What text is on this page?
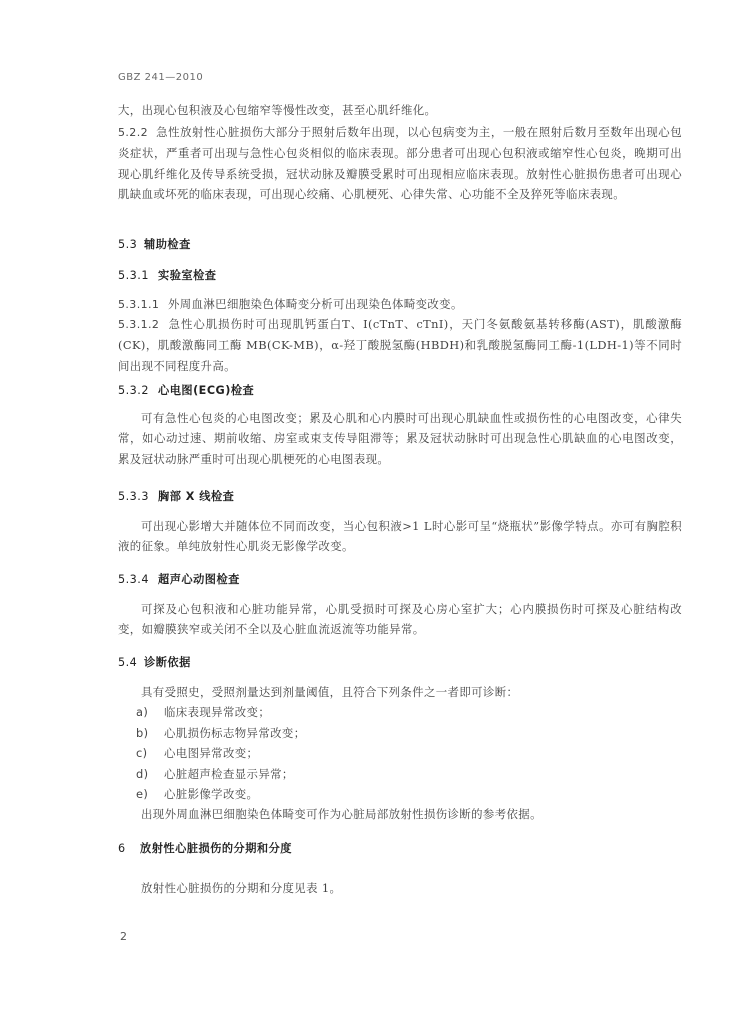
GBZ 241—2010

大，出现心包积液及心包缩窄等慢性改变，甚至心肌纤维化。

5.2.2 急性放射性心脏损伤大部分于照射后数年出现，以心包病变为主，一般在照射后数月至数年出现心包炎症状，严重者可出现与急性心包炎相似的临床表现。部分患者可出现心包积液或缩窄性心包炎，晚期可出现心肌纤维化及传导系统受损，冠状动脉及瓣膜受累时可出现相应临床表现。放射性心脏损伤患者可出现心肌缺血或坏死的临床表现，可出现心绞痛、心肌梗死、心律失常、心功能不全及猝死等临床表现。

5.3 辅助检查

5.3.1 实验室检查

5.3.1.1 外周血淋巴细胞染色体畸变分析可出现染色体畸变改变。

5.3.1.2 急性心肌损伤时可出现肌钙蛋白T、I(cTnT、cTnI)，天门冬氨酸氨基转移酶(AST)，肌酸激酶(CK)，肌酸激酶同工酶 MB(CK-MB)，α-羟丁酸脱氢酶(HBDH)和乳酸脱氢酶同工酶-1(LDH-1)等不同时间出现不同程度升高。

5.3.2 心电图(ECG)检查

可有急性心包炎的心电图改变；累及心肌和心内膜时可出现心肌缺血性或损伤性的心电图改变，心律失常，如心动过速、期前收缩、房室或束支传导阻滞等；累及冠状动脉时可出现急性心肌缺血的心电图改变，累及冠状动脉严重时可出现心肌梗死的心电图表现。

5.3.3 胸部 X 线检查

可出现心影增大并随体位不同而改变，当心包积液>1 L时心影可呈“烧瓶状”影像学特点。亦可有胸腔积液的征象。单纯放射性心肌炎无影像学改变。

5.3.4 超声心动图检查

可探及心包积液和心脏功能异常，心肌受损时可探及心房心室扩大；心内膜损伤时可探及心脏结构改变，如瓣膜狭窄或关闭不全以及心脏血流返流等功能异常。

5.4 诊断依据

具有受照史，受照剂量达到剂量阈值，且符合下列条件之一者即可诊断：

a) 临床表现异常改变；
b) 心肌损伤标志物异常改变；
c) 心电图异常改变；
d) 心脏超声检查显示异常；
e) 心脏影像学改变。

出现外周血淋巴细胞染色体畸变可作为心脏局部放射性损伤诊断的参考依据。

6 放射性心脏损伤的分期和分度

放射性心脏损伤的分期和分度见表 1。

2
